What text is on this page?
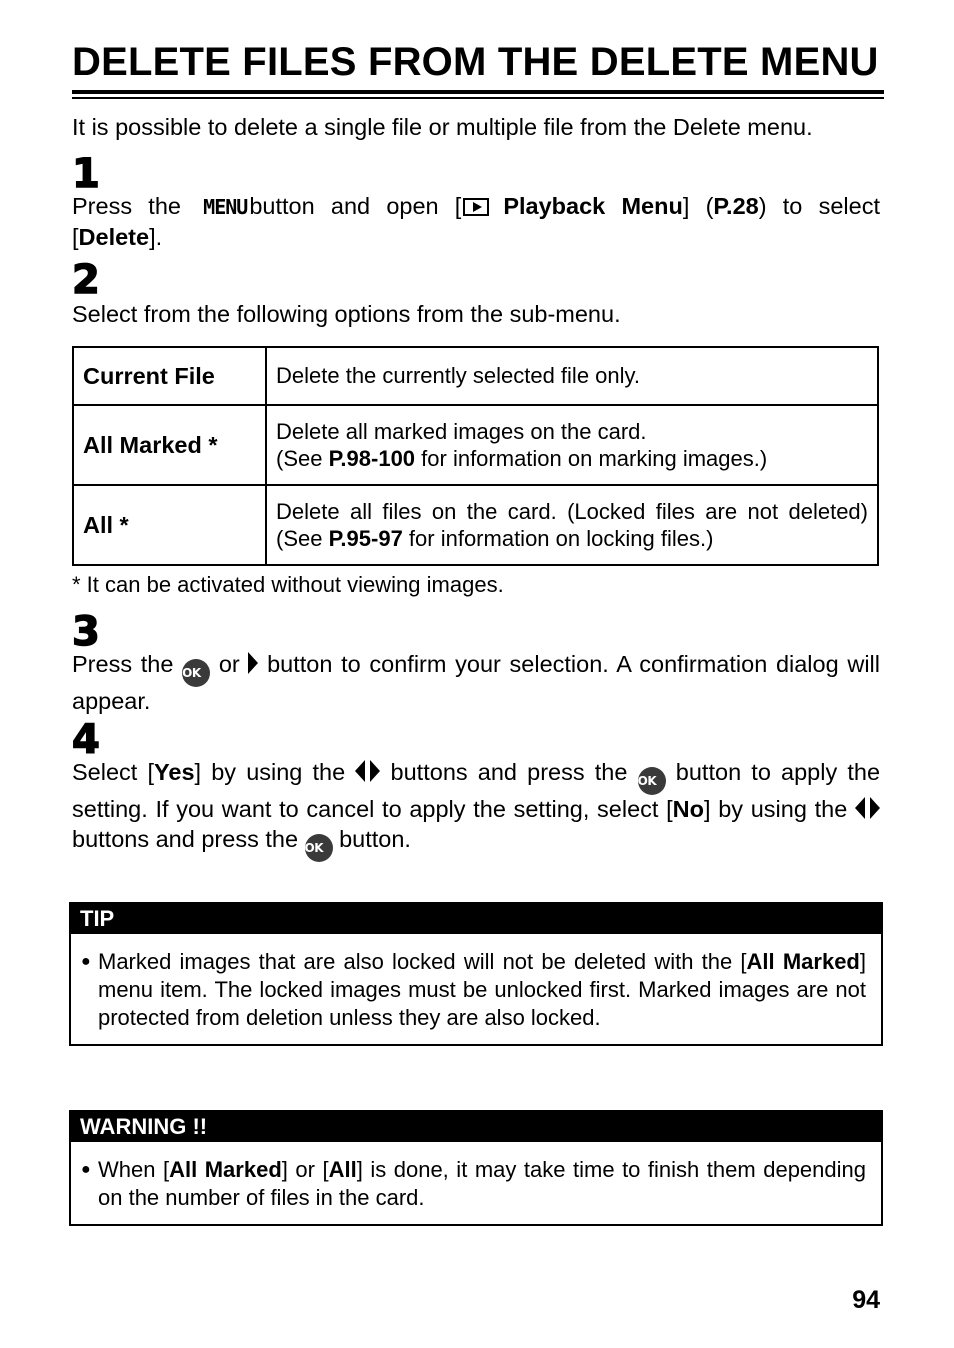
DELETE FILES FROM THE DELETE MENU

It is possible to delete a single file or multiple file from the Delete menu.

1

Press the MENUbutton and open [ Playback Menu] (P.28) to select [Delete].

2

Select from the following options from the sub-menu.

Current File	Delete the currently selected file only.
All Marked *	Delete all marked images on the card.
(See P.98-100 for information on marking images.)
All *	Delete all files on the card. (Locked files are not deleted) (See P.95-97 for information on locking files.)
* It can be activated without viewing images.
3

Press the OK or button to confirm your selection. A confirmation dialog will appear.

4

Select [Yes] by using the buttons and press the OK button to apply the setting. If you want to cancel to apply the setting, select [No] by using the  buttons and press the OK button.

TIP
● Marked images that are also locked will not be deleted with the [All Marked] menu item. The locked images must be unlocked first. Marked images are not protected from deletion unless they are also locked.
WARNING !!
● When [All Marked] or [All] is done, it may take time to finish them depending on the number of files in the card.
94
